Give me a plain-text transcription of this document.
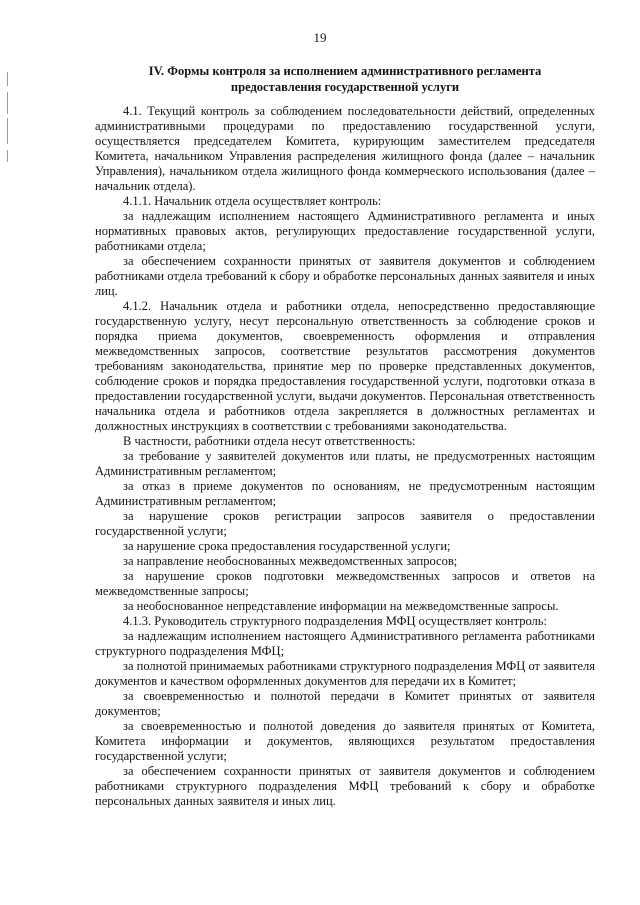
19
IV. Формы контроля за исполнением административного регламента
предоставления государственной услуги

4.1. Текущий контроль за соблюдением последовательности действий, определенных административными процедурами по предоставлению государственной услуги, осуществляется председателем Комитета, курирующим заместителем председателя Комитета, начальником Управления распределения жилищного фонда (далее – начальник Управления), начальником отдела жилищного фонда коммерческого использования (далее – начальник отдела).

4.1.1. Начальник отдела осуществляет контроль:

за надлежащим исполнением настоящего Административного регламента и иных нормативных правовых актов, регулирующих предоставление государственной услуги, работниками отдела;

за обеспечением сохранности принятых от заявителя документов и соблюдением работниками отдела требований к сбору и обработке персональных данных заявителя и иных лиц.

4.1.2. Начальник отдела и работники отдела, непосредственно предоставляющие государственную услугу, несут персональную ответственность за соблюдение сроков и порядка приема документов, своевременность оформления и отправления межведомственных запросов, соответствие результатов рассмотрения документов требованиям законодательства, принятие мер по проверке представленных документов, соблюдение сроков и порядка предоставления государственной услуги, подготовки отказа в предоставлении государственной услуги, выдачи документов. Персональная ответственность начальника отдела и работников отдела закрепляется в должностных регламентах и должностных инструкциях в соответствии с требованиями законодательства.

В частности, работники отдела несут ответственность:

за требование у заявителей документов или платы, не предусмотренных настоящим Административным регламентом;

за отказ в приеме документов по основаниям, не предусмотренным настоящим Административным регламентом;

за нарушение сроков регистрации запросов заявителя о предоставлении государственной услуги;

за нарушение срока предоставления государственной услуги;

за направление необоснованных межведомственных запросов;

за нарушение сроков подготовки межведомственных запросов и ответов на межведомственные запросы;

за необоснованное непредставление информации на межведомственные запросы.

4.1.3. Руководитель структурного подразделения МФЦ осуществляет контроль:

за надлежащим исполнением настоящего Административного регламента работниками структурного подразделения МФЦ;

за полнотой принимаемых работниками структурного подразделения МФЦ от заявителя документов и качеством оформленных документов для передачи их в Комитет;

за своевременностью и полнотой передачи в Комитет принятых от заявителя документов;

за своевременностью и полнотой доведения до заявителя принятых от Комитета, Комитета информации и документов, являющихся результатом предоставления государственной услуги;

за обеспечением сохранности принятых от заявителя документов и соблюдением работниками структурного подразделения МФЦ требований к сбору и обработке персональных данных заявителя и иных лиц.
